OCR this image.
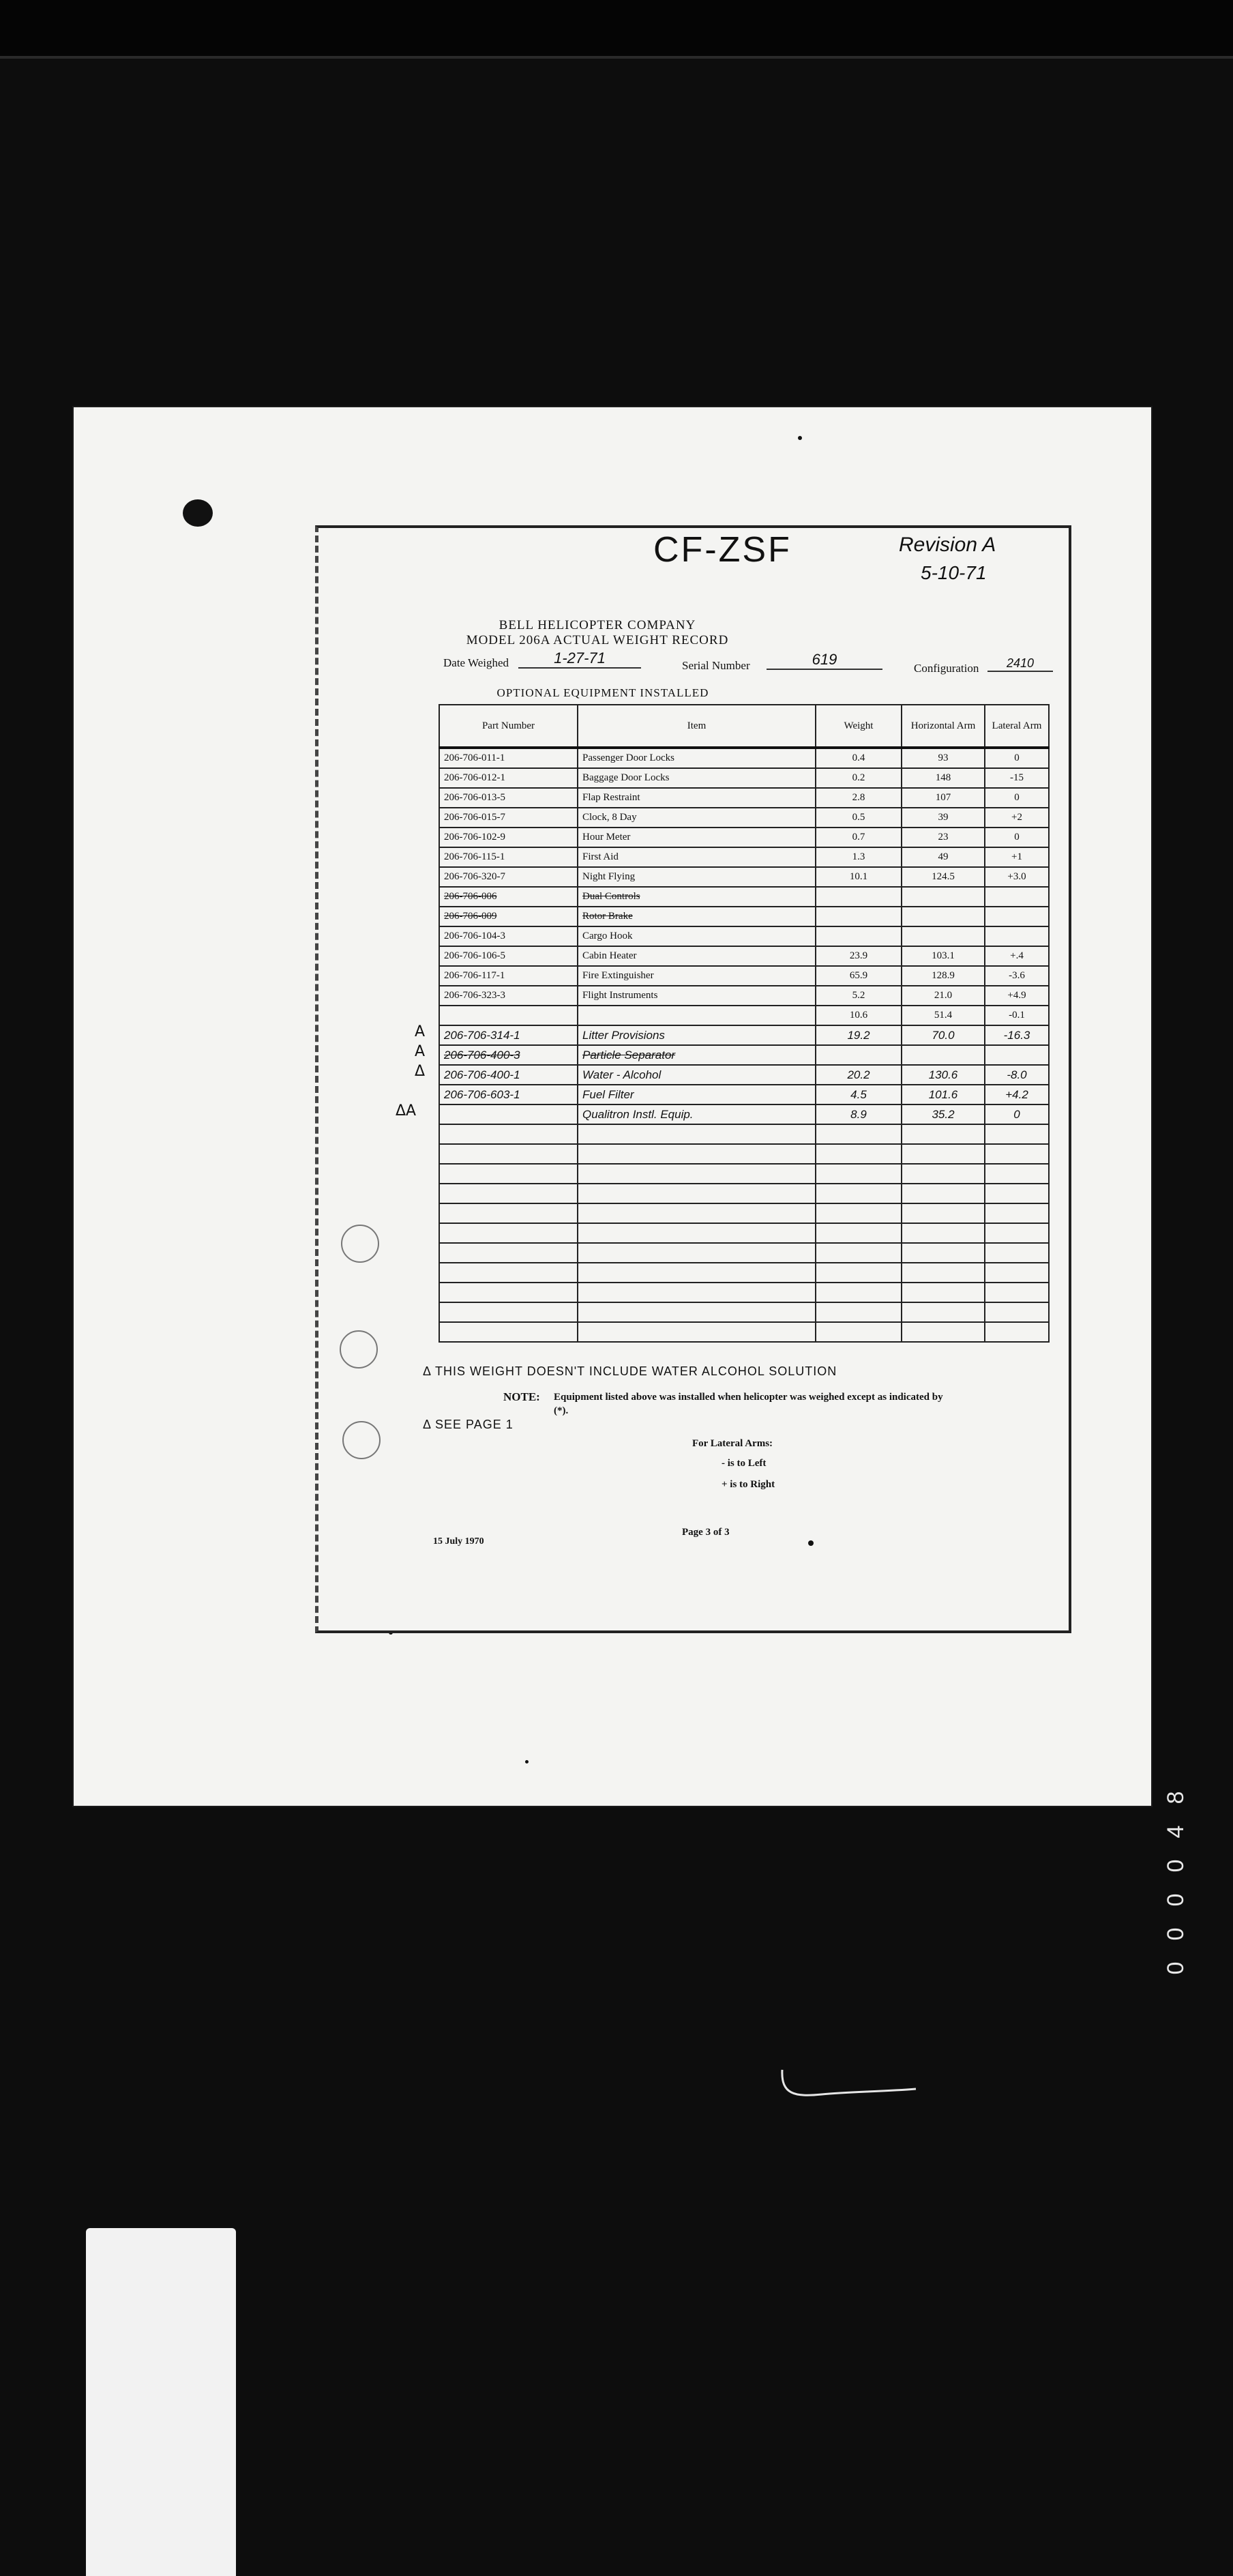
CF-ZSF	Revision A
5-10-71
BELL HELICOPTER COMPANY
MODEL 206A ACTUAL WEIGHT RECORD
Date Weighed	1-27-71	Serial Number	619
Configuration	2410
OPTIONAL EQUIPMENT INSTALLED
Part Number	Item	Weight	Horizontal Arm	Lateral Arm
206-706-011-1	Passenger Door Locks	0.4	93	0
206-706-012-1	Baggage Door Locks	0.2	148	-15
206-706-013-5	Flap Restraint	2.8	107	0
206-706-015-7	Clock, 8 Day	0.5	39	+2
206-706-102-9	Hour Meter	0.7	23	0
206-706-115-1	First Aid	1.3	49	+1
206-706-320-7	Night Flying	10.1	124.5	+3.0
206-706-006	Dual Controls			
206-706-009	Rotor Brake			
206-706-104-3	Cargo Hook			
206-706-106-5	Cabin Heater	23.9	103.1	+.4
206-706-117-1	Fire Extinguisher	65.9	128.9	-3.6
206-706-323-3	Flight Instruments	5.2	21.0	+4.9
		10.6	51.4	-0.1
206-706-314-1	Litter Provisions	19.2	70.0	-16.3
206-706-400-3	Particle Separator			
206-706-400-1	Water - Alcohol	20.2	130.6	-8.0
206-706-603-1	Fuel Filter	4.5	101.6	+4.2
	Qualitron Instl. Equip.	8.9	35.2	0

A
A
Δ
ΔA
Δ THIS WEIGHT DOESN'T INCLUDE WATER ALCOHOL SOLUTION
NOTE: Equipment listed above was installed when helicopter was weighed except as indicated by (*).
Δ SEE PAGE 1
For Lateral Arms:
- is to Left
+ is to Right
Page 3 of 3
15 July 1970
8
4
0
0
0
0
